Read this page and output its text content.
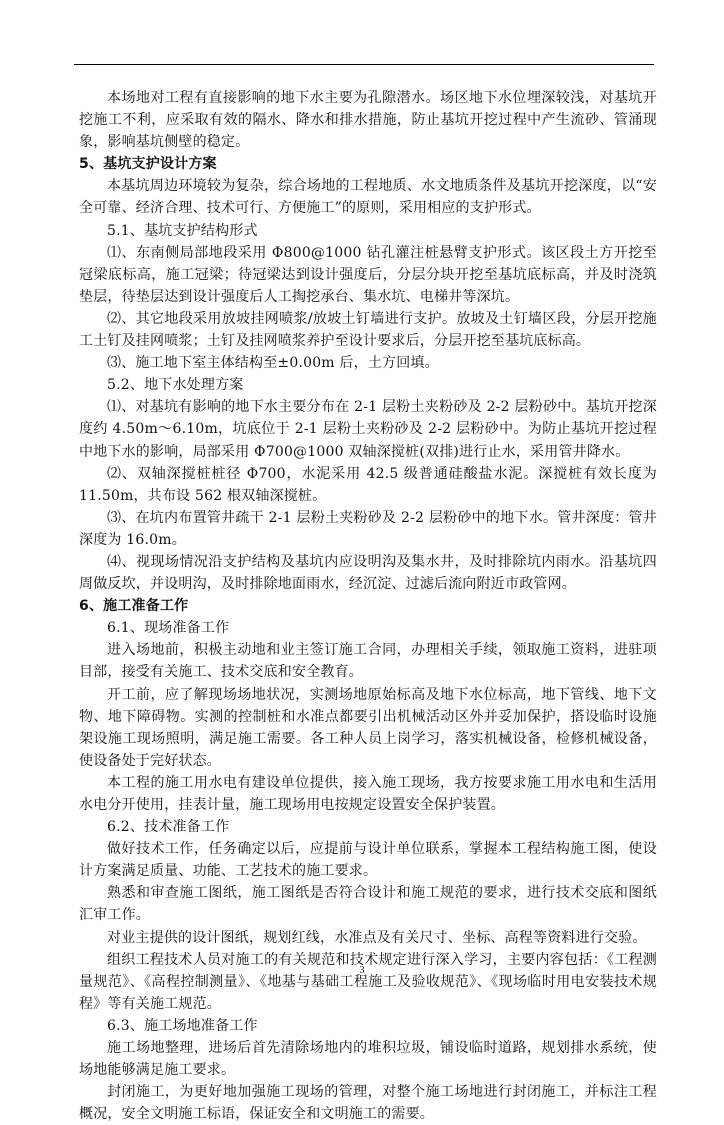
本场地对工程有直接影响的地下水主要为孔隙潜水。场区地下水位埋深较浅，对基坑开挖施工不利，应采取有效的隔水、降水和排水措施，防止基坑开挖过程中产生流砂、管涌现象，影响基坑侧壁的稳定。

5、基坑支护设计方案

本基坑周边环境较为复杂，综合场地的工程地质、水文地质条件及基坑开挖深度，以“安全可靠、经济合理、技术可行、方便施工”的原则，采用相应的支护形式。

5.1、基坑支护结构形式

⑴、东南侧局部地段采用 Φ800@1000 钻孔灌注桩悬臂支护形式。该区段土方开挖至冠梁底标高，施工冠梁；待冠梁达到设计强度后，分层分块开挖至基坑底标高，并及时浇筑垫层，待垫层达到设计强度后人工掏挖承台、集水坑、电梯井等深坑。

⑵、其它地段采用放坡挂网喷浆/放坡土钉墙进行支护。放坡及土钉墙区段，分层开挖施工土钉及挂网喷浆；土钉及挂网喷浆养护至设计要求后，分层开挖至基坑底标高。

⑶、施工地下室主体结构至±0.00m 后，土方回填。

5.2、地下水处理方案

⑴、对基坑有影响的地下水主要分布在 2-1 层粉土夹粉砂及 2-2 层粉砂中。基坑开挖深度约 4.50m～6.10m，坑底位于 2-1 层粉土夹粉砂及 2-2 层粉砂中。为防止基坑开挖过程中地下水的影响，局部采用 Φ700@1000 双轴深搅桩(双排)进行止水，采用管井降水。

⑵、双轴深搅桩桩径 Φ700，水泥采用 42.5 级普通硅酸盐水泥。深搅桩有效长度为 11.50m，共布设 562 根双轴深搅桩。

⑶、在坑内布置管井疏干 2-1 层粉土夹粉砂及 2-2 层粉砂中的地下水。管井深度：管井深度为 16.0m。

⑷、视现场情况沿支护结构及基坑内应设明沟及集水井，及时排除坑内雨水。沿基坑四周做反坎，并设明沟，及时排除地面雨水，经沉淀、过滤后流向附近市政管网。

6、施工准备工作

6.1、现场准备工作

进入场地前，积极主动地和业主签订施工合同，办理相关手续，领取施工资料，进驻项目部，接受有关施工、技术交底和安全教育。

开工前，应了解现场场地状况，实测场地原始标高及地下水位标高，地下管线、地下文物、地下障碍物。实测的控制桩和水准点都要引出机械活动区外并妥加保护，搭设临时设施架设施工现场照明，满足施工需要。各工种人员上岗学习，落实机械设备，检修机械设备，使设备处于完好状态。

本工程的施工用水电有建设单位提供，接入施工现场，我方按要求施工用水电和生活用水电分开使用，挂表计量，施工现场用电按规定设置安全保护装置。

6.2、技术准备工作

做好技术工作，任务确定以后，应提前与设计单位联系，掌握本工程结构施工图，使设计方案满足质量、功能、工艺技术的施工要求。

熟悉和审查施工图纸，施工图纸是否符合设计和施工规范的要求，进行技术交底和图纸汇审工作。

对业主提供的设计图纸，规划红线，水准点及有关尺寸、坐标、高程等资料进行交验。

组织工程技术人员对施工的有关规范和技术规定进行深入学习，主要内容包括：《工程测量规范》、《高程控制测量》、《地基与基础工程施工及验收规范》、《现场临时用电安装技术规程》等有关施工规范。

6.3、施工场地准备工作

施工场地整理，进场后首先清除场地内的堆积垃圾，铺设临时道路，规划排水系统，使场地能够满足施工要求。

封闭施工，为更好地加强施工现场的管理，对整个施工场地进行封闭施工，并标注工程概况，安全文明施工标语，保证安全和文明施工的需要。

3
